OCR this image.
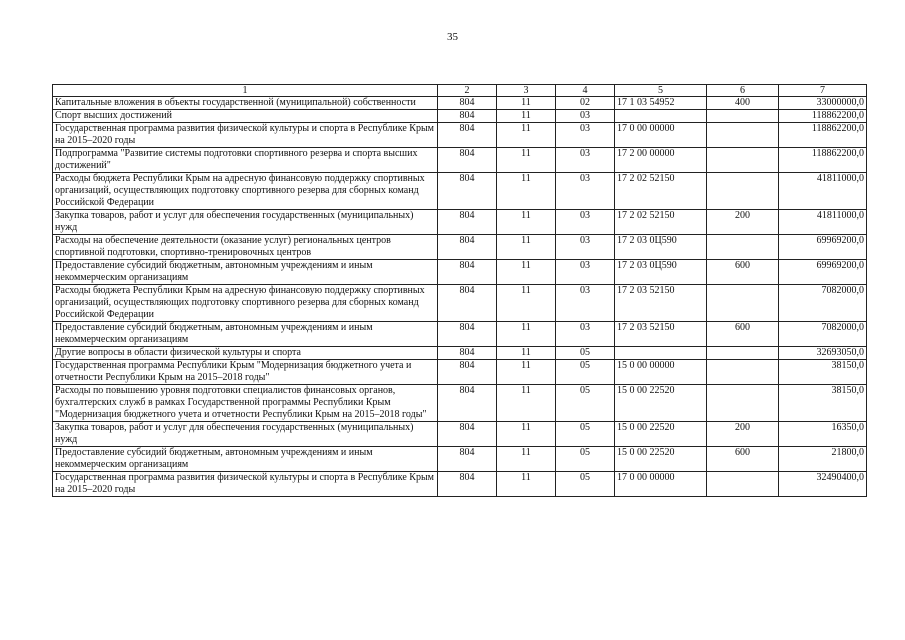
35
1	2	3	4	5	6	7
Капитальные вложения в объекты государственной (муниципальной) собственности	804	11	02	17 1 03 54952	400	33000000,0
Спорт высших достижений	804	11	03			118862200,0
Государственная программа развития физической культуры и спорта в Республике Крым на 2015–2020 годы	804	11	03	17 0 00 00000		118862200,0
Подпрограмма "Развитие системы подготовки спортивного резерва и спорта высших достижений"	804	11	03	17 2 00 00000		118862200,0
Расходы бюджета Республики Крым на адресную финансовую поддержку спортивных организаций, осуществляющих подготовку спортивного резерва для сборных команд Российской Федерации	804	11	03	17 2 02 52150		41811000,0
Закупка товаров, работ и услуг для обеспечения государственных (муниципальных) нужд	804	11	03	17 2 02 52150	200	41811000,0
Расходы на обеспечение деятельности (оказание услуг) региональных центров спортивной подготовки, спортивно-тренировочных центров	804	11	03	17 2 03 0Ц590		69969200,0
Предоставление субсидий бюджетным, автономным учреждениям и иным некоммерческим организациям	804	11	03	17 2 03 0Ц590	600	69969200,0
Расходы бюджета Республики Крым на адресную финансовую поддержку спортивных организаций, осуществляющих подготовку спортивного резерва для сборных команд Российской Федерации	804	11	03	17 2 03 52150		7082000,0
Предоставление субсидий бюджетным, автономным учреждениям и иным некоммерческим организациям	804	11	03	17 2 03 52150	600	7082000,0
Другие вопросы в области физической культуры и спорта	804	11	05			32693050,0
Государственная программа Республики Крым "Модернизация бюджетного учета и отчетности Республики Крым на 2015–2018 годы"	804	11	05	15 0 00 00000		38150,0
Расходы по повышению уровня подготовки специалистов финансовых органов, бухгалтерских служб в рамках Государственной программы Республики Крым "Модернизация бюджетного учета и отчетности Республики Крым на 2015–2018 годы"	804	11	05	15 0 00 22520		38150,0
Закупка товаров, работ и услуг для обеспечения государственных (муниципальных) нужд	804	11	05	15 0 00 22520	200	16350,0
Предоставление субсидий бюджетным, автономным учреждениям и иным некоммерческим организациям	804	11	05	15 0 00 22520	600	21800,0
Государственная программа развития физической культуры и спорта в Республике Крым на 2015–2020 годы	804	11	05	17 0 00 00000		32490400,0
